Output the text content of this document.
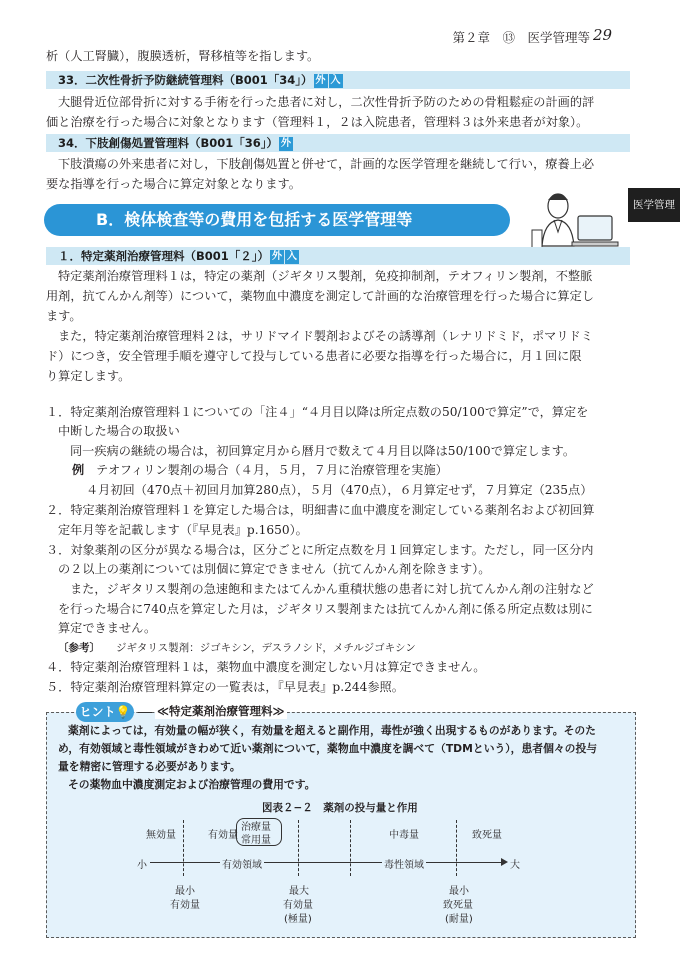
第２章　⑬　医学管理等 29
医学管理
析（人工腎臓），腹膜透析，腎移植等を指します。
33．二次性骨折予防継続管理料（B001「34」） 外 入
大腿骨近位部骨折に対する手術を行った患者に対し，二次性骨折予防のための骨粗鬆症の計画的評
価と治療を行った場合に対象となります（管理料１，２は入院患者，管理料３は外来患者が対象）。
34．下肢創傷処置管理料（B001「36」） 外
下肢潰瘍の外来患者に対し，下肢創傷処置と併せて，計画的な医学管理を継続して行い，療養上必
要な指導を行った場合に算定対象となります。
B．検体検査等の費用を包括する医学管理等
１．特定薬剤治療管理料（B001「２」） 外 入
特定薬剤治療管理料１は，特定の薬剤（ジギタリス製剤，免疫抑制剤，テオフィリン製剤，不整脈
用剤，抗てんかん剤等）について，薬物血中濃度を測定して計画的な治療管理を行った場合に算定し
ます。
また，特定薬剤治療管理料２は，サリドマイド製剤およびその誘導剤（レナリドミド，ポマリドミ
ド）につき，安全管理手順を遵守して投与している患者に必要な指導を行った場合に，月１回に限
り算定します。
１．特定薬剤治療管理料１についての「注４」“４月目以降は所定点数の50/100で算定”で，算定を
中断した場合の取扱い
同一疾病の継続の場合は，初回算定月から暦月で数えて４月目以降は50/100で算定します。
例 テオフィリン製剤の場合（４月，５月，７月に治療管理を実施）
４月初回（470点＋初回月加算280点），５月（470点），６月算定せず，７月算定（235点）
２．特定薬剤治療管理料１を算定した場合は，明細書に血中濃度を測定している薬剤名および初回算
定年月等を記載します（『早見表』p.1650）。
３．対象薬剤の区分が異なる場合は，区分ごとに所定点数を月１回算定します。ただし，同一区分内
の２以上の薬剤については別個に算定できません（抗てんかん剤を除きます）。
また，ジギタリス製剤の急速飽和またはてんかん重積状態の患者に対し抗てんかん剤の注射など
を行った場合に740点を算定した月は，ジギタリス製剤または抗てんかん剤に係る所定点数は別に
算定できません。
〔参考〕 ジギタリス製剤：ジゴキシン，デスラノシド，メチルジゴキシン
４．特定薬剤治療管理料１は，薬物血中濃度を測定しない月は算定できません。
５．特定薬剤治療管理料算定の一覧表は，『早見表』p.244参照。
ヒント💡	≪特定薬剤治療管理料≫
薬剤によっては，有効量の幅が狭く，有効量を超えると副作用，毒性が強く出現するものがあります。そのた
め，有効領域と毒性領域がきわめて近い薬剤について，薬物血中濃度を調べて（TDMという），患者個々の投与
量を精密に管理する必要があります。
その薬物血中濃度測定および治療管理の費用です。
図表２−２　薬剤の投与量と作用
無効量	有効量
治療量
常用量	中毒量	致死量
小	大
有効領域	毒性領域
最小
有効量
最大
有効量
(極量)
最小
致死量
(耐量)
